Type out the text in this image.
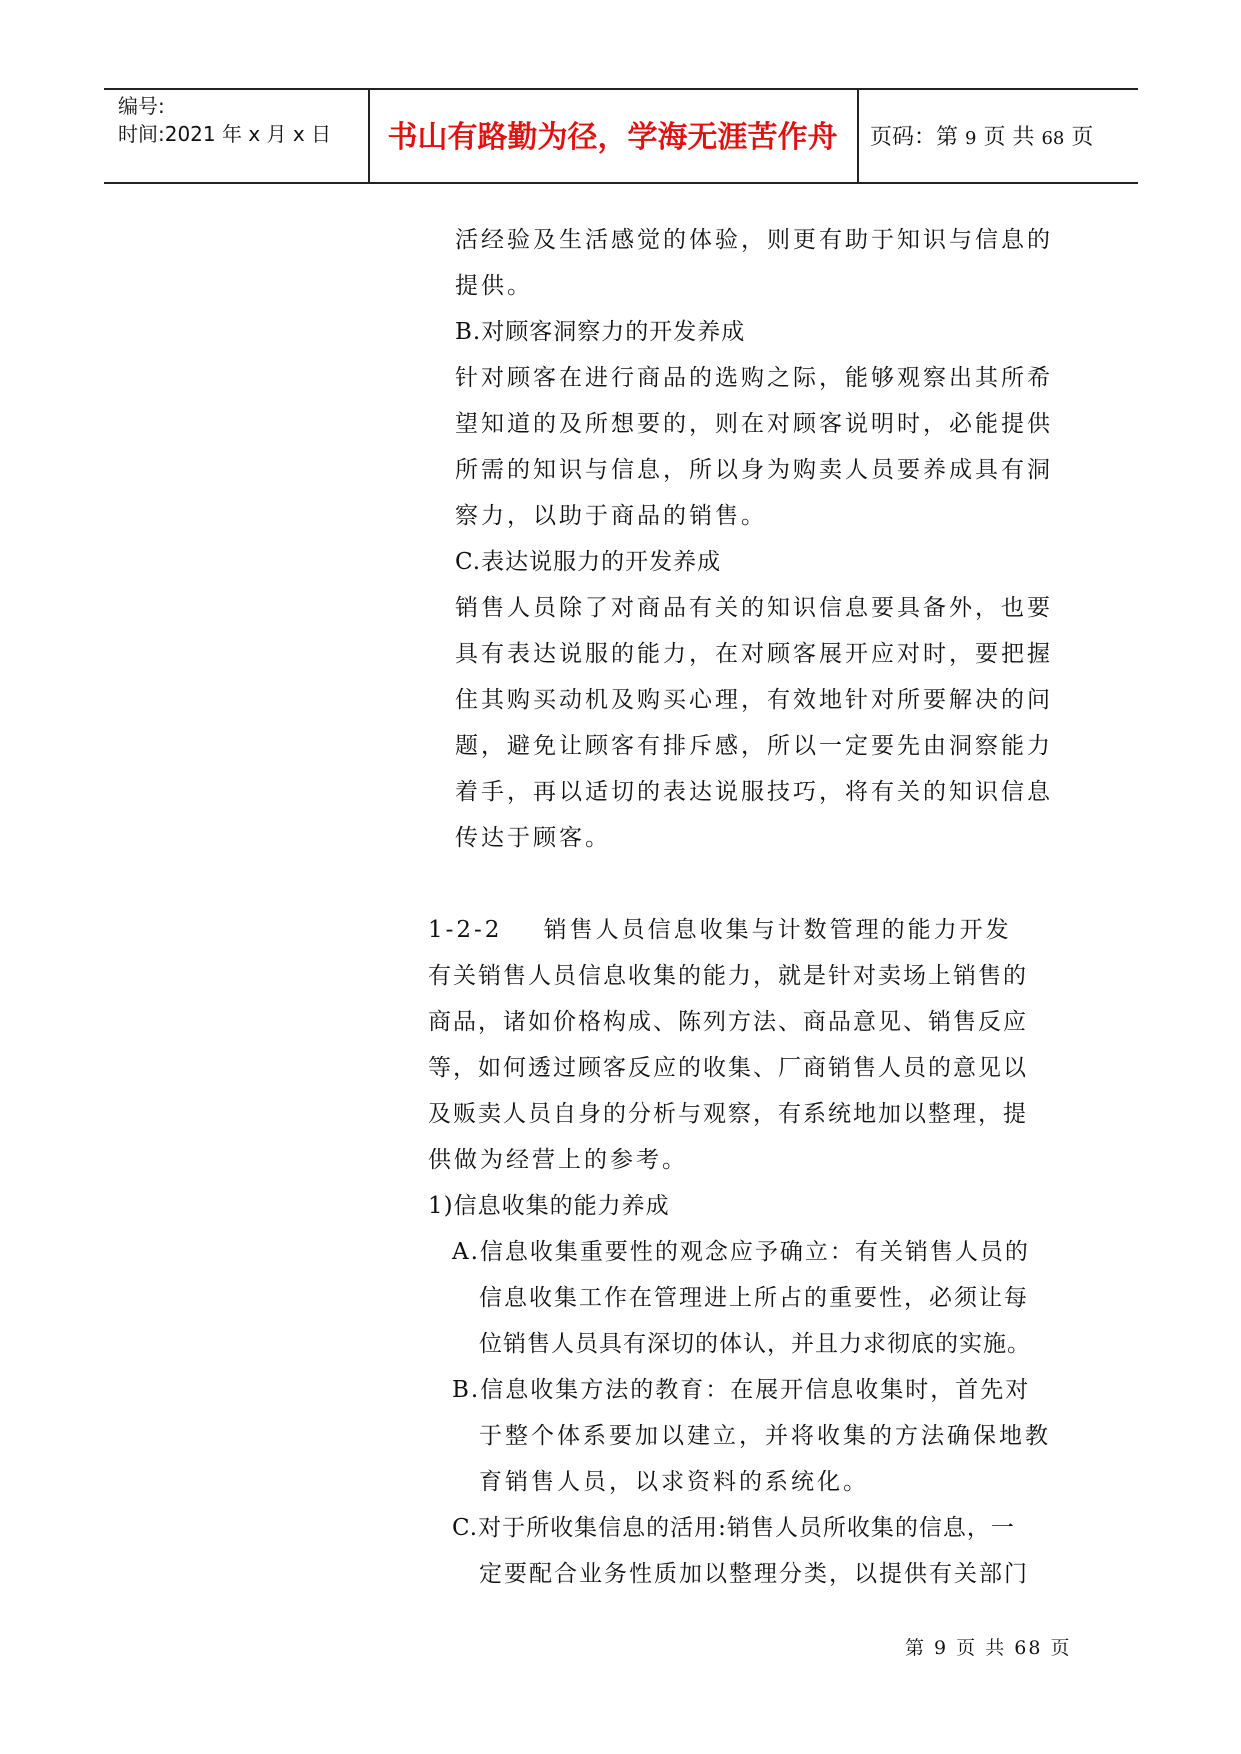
编号:
时间:2021 年 x 月 x 日	书山有路勤为径，学海无涯苦作舟	页码：第 9 页 共 68 页
活经验及生活感觉的体验，则更有助于知识与信息的
提供。
B.对顾客洞察力的开发养成
针对顾客在进行商品的选购之际，能够观察出其所希
望知道的及所想要的，则在对顾客说明时，必能提供
所需的知识与信息，所以身为购卖人员要养成具有洞
察力，以助于商品的销售。
C.表达说服力的开发养成
销售人员除了对商品有关的知识信息要具备外，也要
具有表达说服的能力，在对顾客展开应对时，要把握
住其购买动机及购买心理，有效地针对所要解决的问
题，避免让顾客有排斥感，所以一定要先由洞察能力
着手，再以适切的表达说服技巧，将有关的知识信息
传达于顾客。
1-2-2    销售人员信息收集与计数管理的能力开发
有关销售人员信息收集的能力，就是针对卖场上销售的
商品，诸如价格构成、陈列方法、商品意见、销售反应
等，如何透过顾客反应的收集、厂商销售人员的意见以
及贩卖人员自身的分析与观察，有系统地加以整理，提
供做为经营上的参考。
1)信息收集的能力养成
A.信息收集重要性的观念应予确立：有关销售人员的
信息收集工作在管理进上所占的重要性，必须让每
位销售人员具有深切的体认，并且力求彻底的实施。
B.信息收集方法的教育：在展开信息收集时，首先对
于整个体系要加以建立，并将收集的方法确保地教
育销售人员，以求资料的系统化。
C.对于所收集信息的活用:销售人员所收集的信息，一
定要配合业务性质加以整理分类，以提供有关部门
第 9 页 共 68 页
